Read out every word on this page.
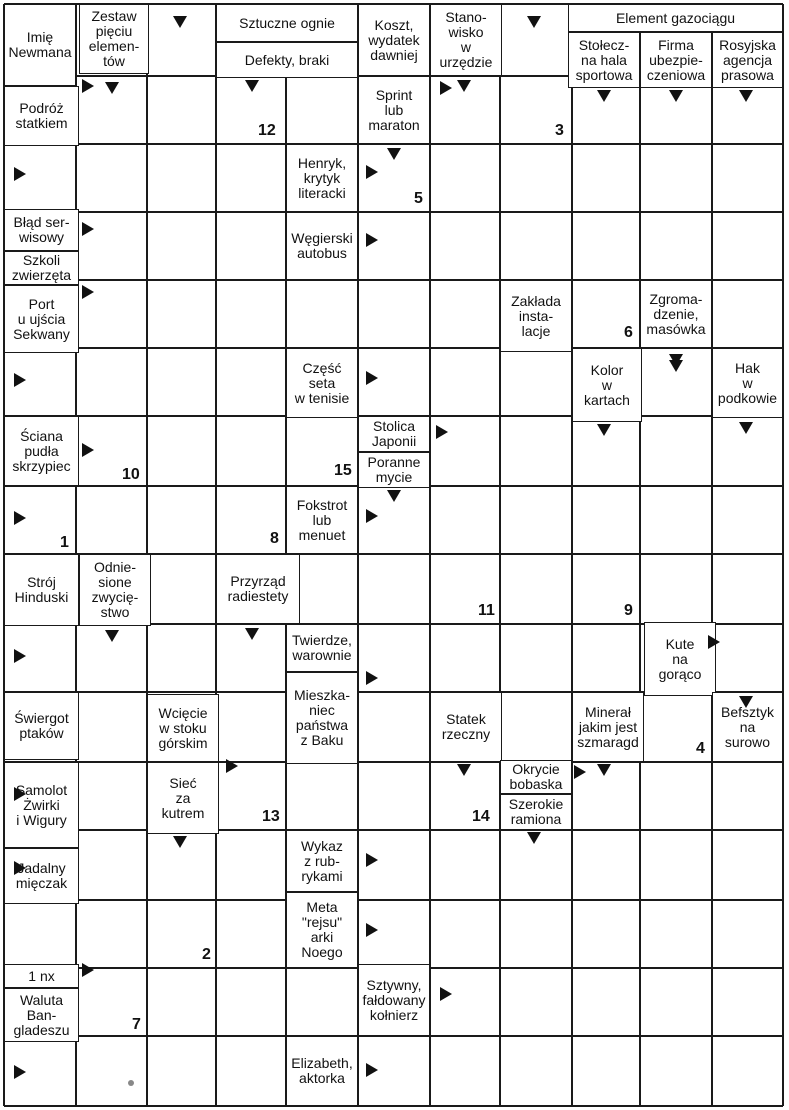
Imię
Newmana
Zestaw
pięciu
elemen-
tów
Sztuczne ognie
Defekty, braki
Koszt,
wydatek
dawniej
Stano-
wisko
w
urzędzie
Element gazociągu
Stołecz-
na hala
sportowa
Firma
ubezpie-
czeniowa
Rosyjska
agencja
prasowa
Podróż
statkiem
Sprint
lub
maraton
Henryk,
krytyk
literacki
Błąd ser-
wisowy	Węgierski
autobus
Szkoli
zwierzęta
Port
u ujścia
Sekwany
Zakłada
insta-
lacje
Zgroma-
dzenie,
masówka
Część
seta
w tenisie
Kolor
w
kartach
Hak
w
podkowie
Ściana
pudła
skrzypiec
Stolica
Japonii
Poranne
mycie
Fokstrot
lub
menuet
Strój
Hinduski
Odnie-
sione
zwycię-
stwo
Przyrząd
radiestety
Twierdze,
warownie
Kute
na
gorąco
Świergot
ptaków
Wcięcie
w stoku
górskim
Mieszka-
niec
państwa
z Baku
Statek
rzeczny
Minerał
jakim jest
szmaragd
Befsztyk
na
surowo
Samolot
Żwirki
i Wigury
Sieć
za
kutrem
Okrycie
bobaska
Szerokie
ramiona
Jadalny
mięczak
Wykaz
z rub-
rykami
Meta
"rejsu"
arki
Noego
1 nx
Waluta
Ban-
gladeszu
Sztywny,
fałdowany
kołnierz
Elizabeth,
aktorka
12	3
5
6
10	15
1	8
11	9
4
13	14
2
7
